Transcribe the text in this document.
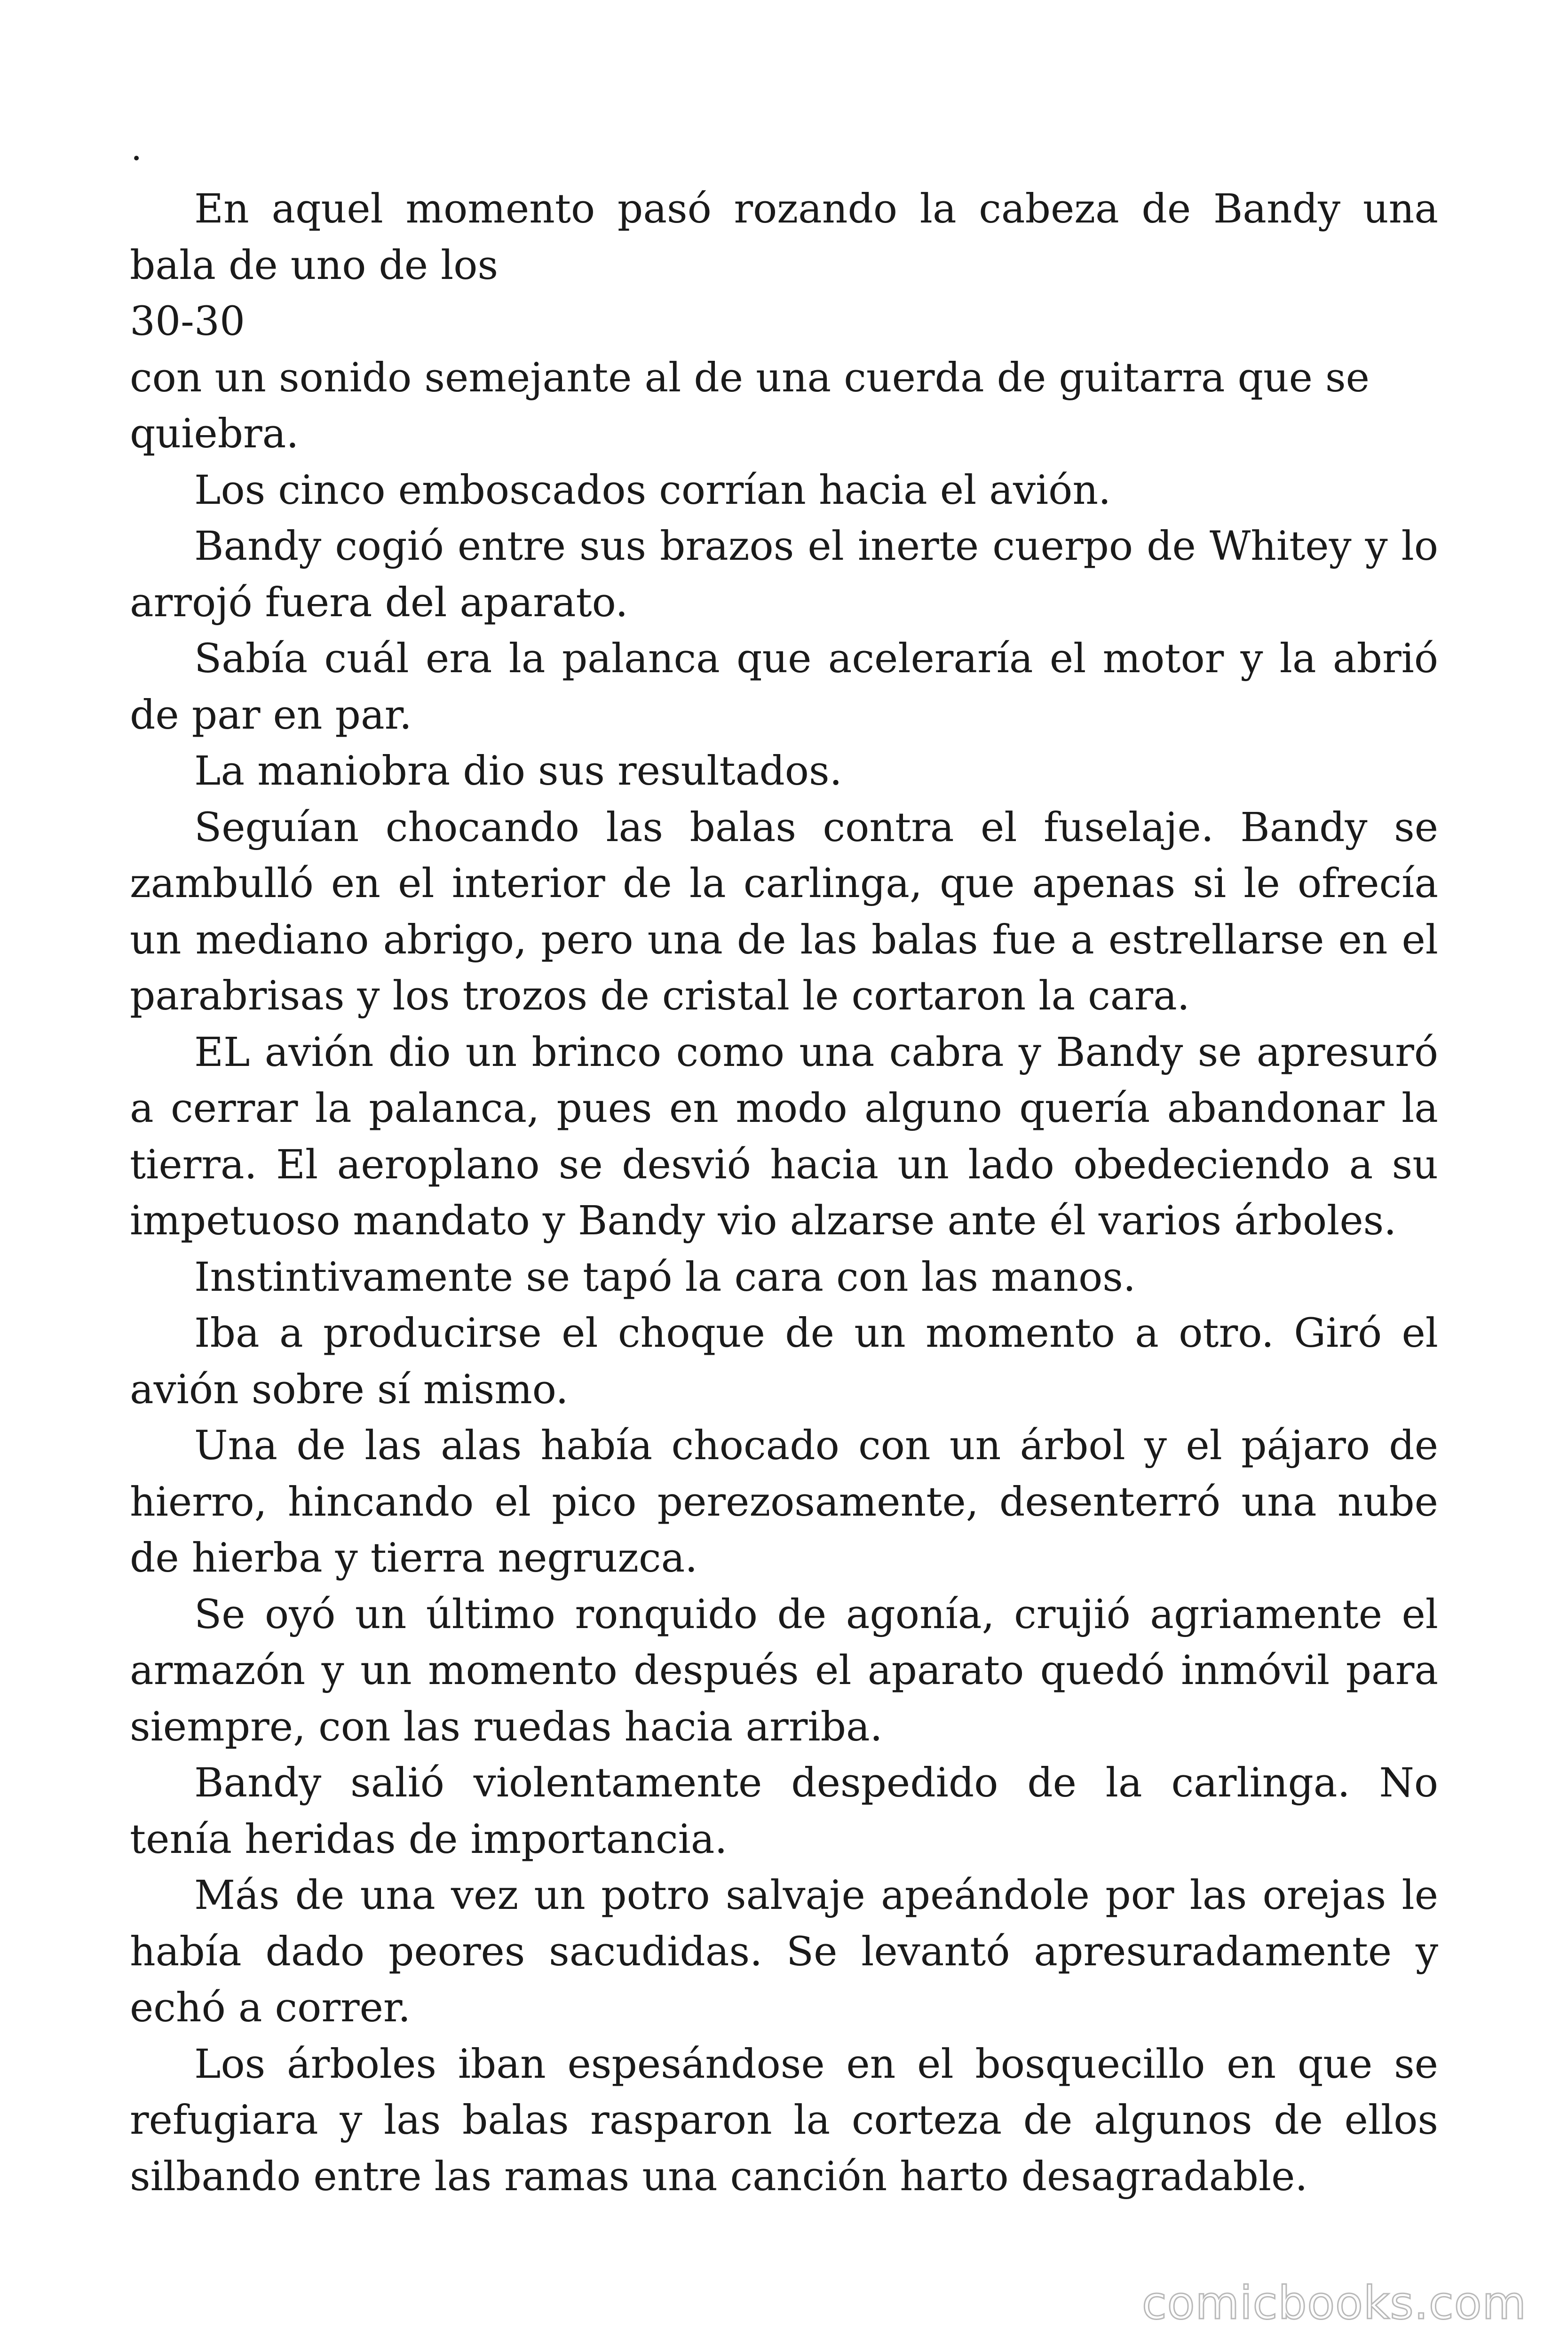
.

En aquel momento pasó rozando la cabeza de Bandy una bala de uno de los

30-30

con un sonido semejante al de una cuerda de guitarra que se quiebra.

Los cinco emboscados corrían hacia el avión.

Bandy cogió entre sus brazos el inerte cuerpo de Whitey y lo arrojó fuera del aparato.

Sabía cuál era la palanca que aceleraría el motor y la abrió de par en par.

La maniobra dio sus resultados.

Seguían chocando las balas contra el fuselaje. Bandy se zambulló en el interior de la carlinga, que apenas si le ofrecía un mediano abrigo, pero una de las balas fue a estrellarse en el parabrisas y los trozos de cristal le cortaron la cara.

EL avión dio un brinco como una cabra y Bandy se apresuró a cerrar la palanca, pues en modo alguno quería abandonar la tierra. El aeroplano se desvió hacia un lado obedeciendo a su impetuoso mandato y Bandy vio alzarse ante él varios árboles.

Instintivamente se tapó la cara con las manos.

Iba a producirse el choque de un momento a otro. Giró el avión sobre sí mismo.

Una de las alas había chocado con un árbol y el pájaro de hierro, hincando el pico perezosamente, desenterró una nube de hierba y tierra negruzca.

Se oyó un último ronquido de agonía, crujió agriamente el armazón y un momento después el aparato quedó inmóvil para siempre, con las ruedas hacia arriba.

Bandy salió violentamente despedido de la carlinga. No tenía heridas de importancia.

Más de una vez un potro salvaje apeándole por las orejas le había dado peores sacudidas. Se levantó apresuradamente y echó a correr.

Los árboles iban espesándose en el bosquecillo en que se refugiara y las balas rasparon la corteza de algunos de ellos silbando entre las ramas una canción harto desagradable.

comicbooks.com
